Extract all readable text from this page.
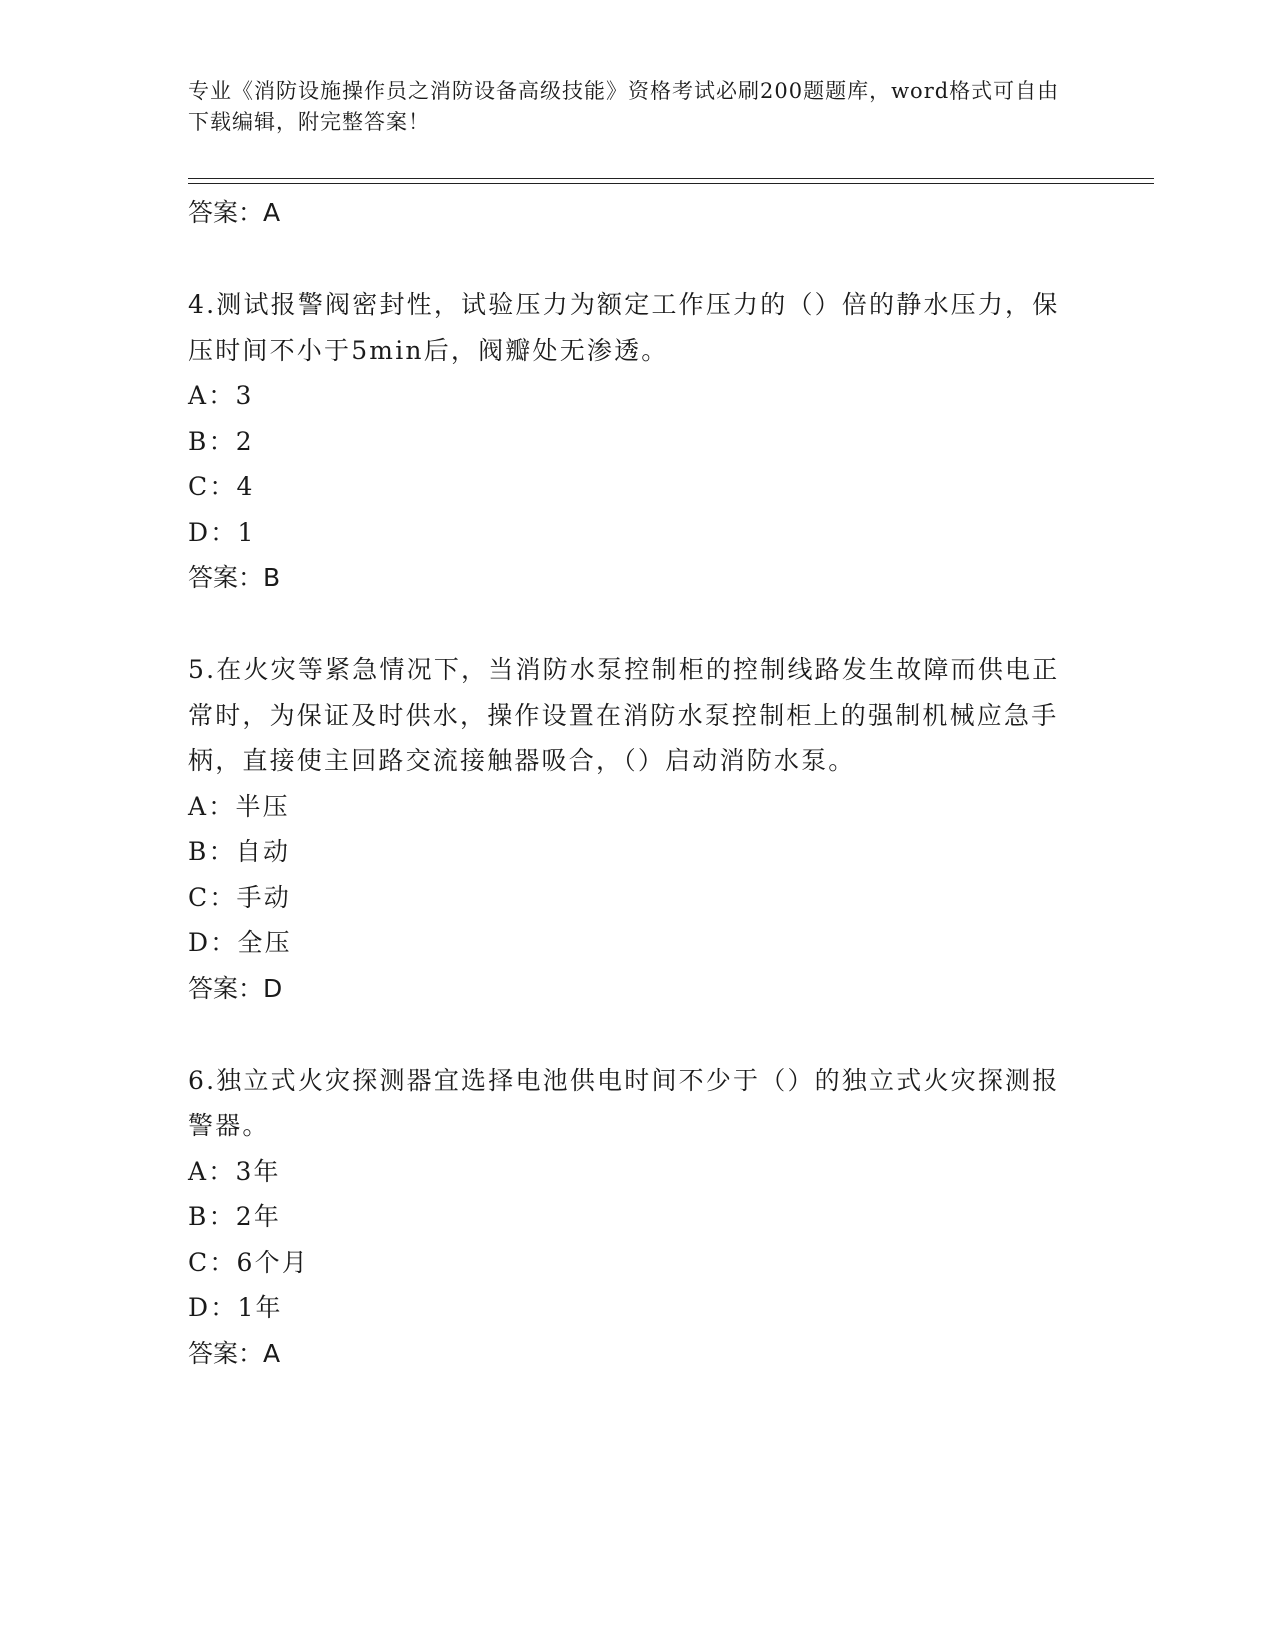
专业《消防设施操作员之消防设备高级技能》资格考试必刷200题题库，word格式可自由下载编辑，附完整答案！

答案：A

4.测试报警阀密封性，试验压力为额定工作压力的（）倍的静水压力，保压时间不小于5min后，阀瓣处无渗透。

A：3

B：2

C：4

D：1

答案：B

5.在火灾等紧急情况下，当消防水泵控制柜的控制线路发生故障而供电正常时，为保证及时供水，操作设置在消防水泵控制柜上的强制机械应急手柄，直接使主回路交流接触器吸合，（）启动消防水泵。

A：半压

B：自动

C：手动

D：全压

答案：D

6.独立式火灾探测器宜选择电池供电时间不少于（）的独立式火灾探测报警器。

A：3年

B：2年

C：6个月

D：1年

答案：A
